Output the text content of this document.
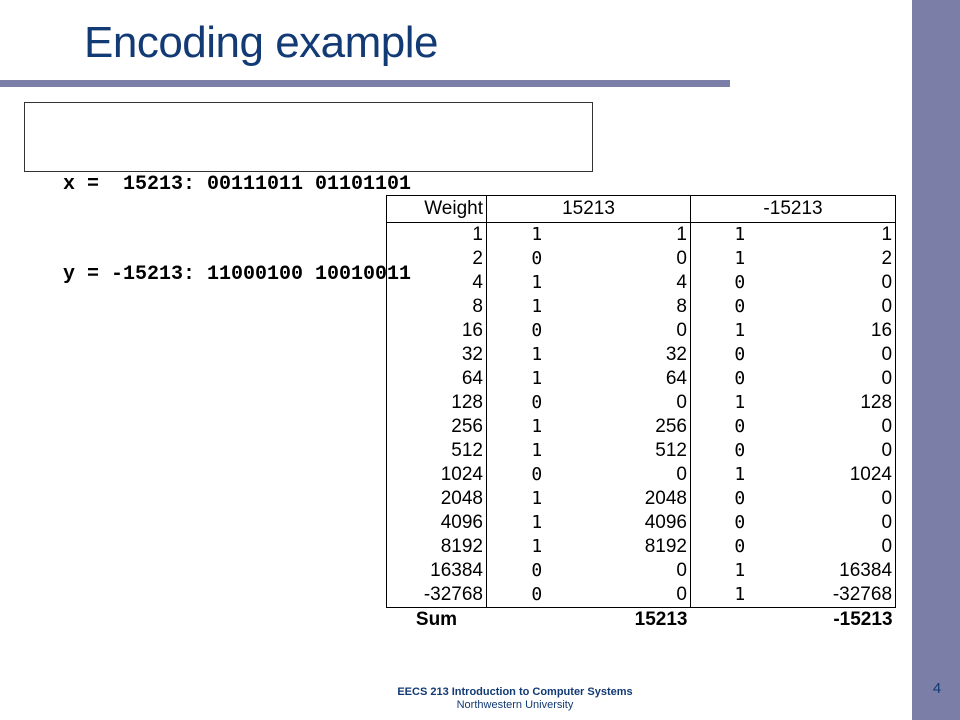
Encoding example

x =  15213: 00111011 01101101

y = -15213: 11000100 10010011

Weight	15213		-15213	
1	1	1	1	1
2	0	0	1	2
4	1	4	0	0
8	1	8	0	0
16	0	0	1	16
32	1	32	0	0
64	1	64	0	0
128	0	0	1	128
256	1	256	0	0
512	1	512	0	0
1024	0	0	1	1024
2048	1	2048	0	0
4096	1	4096	0	0
8192	1	8192	0	0
16384	0	0	1	16384
-32768	0	0	1	-32768
Sum	15213		-15213	
EECS 213 Introduction to Computer Systems
Northwestern University
4
